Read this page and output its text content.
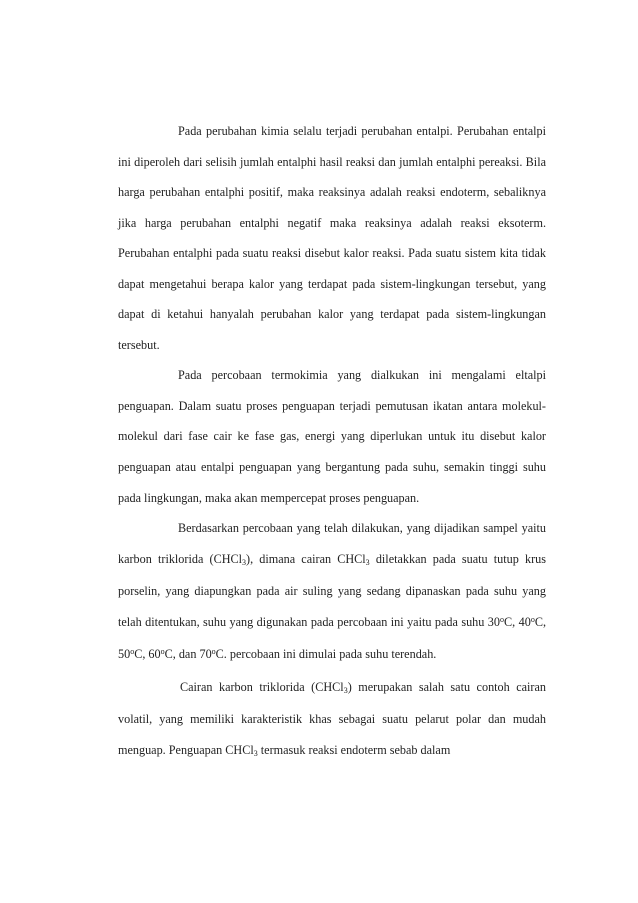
Pada perubahan kimia selalu terjadi perubahan entalpi. Perubahan entalpi ini diperoleh dari selisih jumlah entalphi hasil reaksi dan jumlah entalphi pereaksi. Bila harga perubahan entalphi positif, maka reaksinya adalah reaksi endoterm, sebaliknya jika harga perubahan entalphi negatif maka reaksinya adalah reaksi eksoterm. Perubahan entalphi pada suatu reaksi disebut kalor reaksi. Pada suatu sistem kita tidak dapat mengetahui berapa kalor yang terdapat pada sistem-lingkungan tersebut, yang dapat di ketahui hanyalah perubahan kalor yang terdapat pada sistem-lingkungan tersebut.

Pada percobaan termokimia yang dialkukan ini mengalami eltalpi penguapan. Dalam suatu proses penguapan terjadi pemutusan ikatan antara molekul-molekul dari fase cair ke fase gas, energi yang diperlukan untuk itu disebut kalor penguapan atau entalpi penguapan yang bergantung pada suhu, semakin tinggi suhu pada lingkungan, maka akan mempercepat proses penguapan.

Berdasarkan percobaan yang telah dilakukan, yang dijadikan sampel yaitu karbon triklorida (CHCl$_3$), dimana cairan CHCl$_3$ diletakkan pada suatu tutup krus porselin, yang diapungkan pada air suling yang sedang dipanaskan pada suhu yang telah ditentukan, suhu yang digunakan pada percobaan ini yaitu pada suhu 30$^o$C, 40$^o$C, 50$^o$C, 60$^o$C, dan 70$^o$C. percobaan ini dimulai pada suhu terendah.

Cairan karbon triklorida (CHCl$_3$) merupakan salah satu contoh cairan volatil, yang memiliki karakteristik khas sebagai suatu pelarut polar dan mudah menguap. Penguapan CHCl$_3$ termasuk reaksi endoterm sebab dalam
